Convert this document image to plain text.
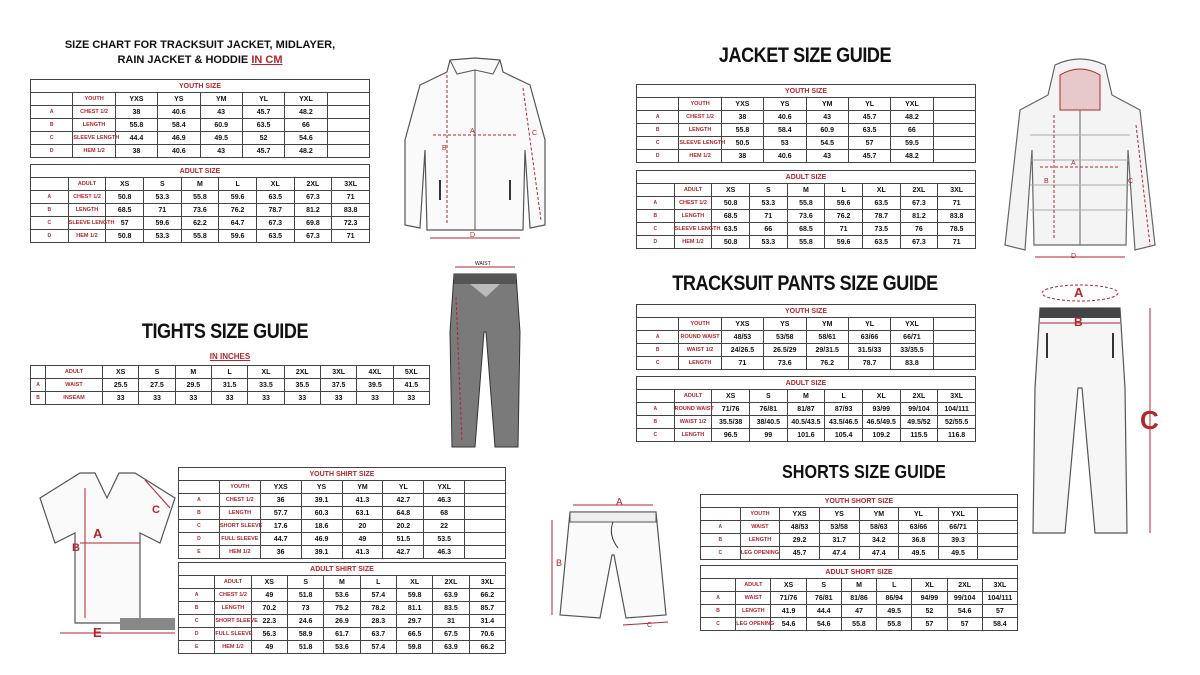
SIZE CHART FOR TRACKSUIT JACKET, MIDLAYER,
RAIN JACKET & HODDIE IN CM
YOUTH SIZE							
	YOUTH	YXS	YS	YM	YL	YXL	
A	CHEST 1/2	38	40.6	43	45.7	48.2	
B	LENGTH	55.8	58.4	60.9	63.5	66	
C	SLEEVE LENGTH	44.4	46.9	49.5	52	54.6	
D	HEM 1/2	38	40.6	43	45.7	48.2	
ADULT SIZE								
	ADULT	XS	S	M	L	XL	2XL	3XL
A	CHEST 1/2	50.8	53.3	55.8	59.6	63.5	67.3	71
B	LENGTH	68.5	71	73.6	76.2	78.7	81.2	83.8
C	SLEEVE LENGTH	57	59.6	62.2	64.7	67.3	69.8	72.3
D	HEM 1/2	50.8	53.3	55.8	59.6	63.5	67.3	71
A
B
C
D
TIGHTS SIZE GUIDE
IN INCHES
	ADULT	XS	S	M	L	XL	2XL	3XL	4XL	5XL
A	WAIST	25.5	27.5	29.5	31.5	33.5	35.5	37.5	39.5	41.5
B	INSEAM	33	33	33	33	33	33	33	33	33
WAIST
A
B
C
E
YOUTH SHIRT SIZE							
	YOUTH	YXS	YS	YM	YL	YXL	
A	CHEST 1/2	36	39.1	41.3	42.7	46.3	
B	LENGTH	57.7	60.3	63.1	64.8	68	
C	SHORT SLEEVE	17.6	18.6	20	20.2	22	
D	FULL SLEEVE	44.7	46.9	49	51.5	53.5	
E	HEM 1/2	36	39.1	41.3	42.7	46.3	
ADULT SHIRT SIZE								
	ADULT	XS	S	M	L	XL	2XL	3XL
A	CHEST 1/2	49	51.8	53.6	57.4	59.8	63.9	66.2
B	LENGTH	70.2	73	75.2	78.2	81.1	83.5	85.7
C	SHORT SLEEVE	22.3	24.6	26.9	28.3	29.7	31	31.4
D	FULL SLEEVE	56.3	58.9	61.7	63.7	66.5	67.5	70.6
E	HEM 1/2	49	51.8	53.6	57.4	59.8	63.9	66.2
JACKET SIZE GUIDE
YOUTH SIZE							
	YOUTH	YXS	YS	YM	YL	YXL	
A	CHEST 1/2	38	40.6	43	45.7	48.2	
B	LENGTH	55.8	58.4	60.9	63.5	66	
C	SLEEVE LENGTH	50.5	53	54.5	57	59.5	
D	HEM 1/2	38	40.6	43	45.7	48.2	
ADULT SIZE								
	ADULT	XS	S	M	L	XL	2XL	3XL
A	CHEST 1/2	50.8	53.3	55.8	59.6	63.5	67.3	71
B	LENGTH	68.5	71	73.6	76.2	78.7	81.2	83.8
C	SLEEVE LENGTH	63.5	66	68.5	71	73.5	76	78.5
D	HEM 1/2	50.8	53.3	55.8	59.6	63.5	67.3	71
A
B	C
D
TRACKSUIT PANTS SIZE GUIDE
YOUTH SIZE							
	YOUTH	YXS	YS	YM	YL	YXL	
A	ROUND WAIST	48/53	53/58	58/61	63/66	66/71	
B	WAIST 1/2	24/26.5	26.5/29	29/31.5	31.5/33	33/35.5	
C	LENGTH	71	73.6	76.2	78.7	83.8	
ADULT SIZE								
	ADULT	XS	S	M	L	XL	2XL	3XL
A	ROUND WAIST	71/76	76/81	81/87	87/93	93/99	99/104	104/111
B	WAIST 1/2	35.5/38	38/40.5	40.5/43.5	43.5/46.5	46.5/49.5	49.5/52	52/55.5
C	LENGTH	96.5	99	101.6	105.4	109.2	115.5	116.8
A
B
C
SHORTS SIZE GUIDE
YOUTH SHORT SIZE							
	YOUTH	YXS	YS	YM	YL	YXL	
A	WAIST	48/53	53/58	58/63	63/66	66/71	
B	LENGTH	29.2	31.7	34.2	36.8	39.3	
C	LEG OPENING	45.7	47.4	47.4	49.5	49.5	
ADULT SHORT SIZE								
	ADULT	XS	S	M	L	XL	2XL	3XL
A	WAIST	71/76	76/81	81/86	86/94	94/99	99/104	104/111
B	LENGTH	41.9	44.4	47	49.5	52	54.6	57
C	LEG OPENING	54.6	54.6	55.8	55.8	57	57	58.4
A
B
C
